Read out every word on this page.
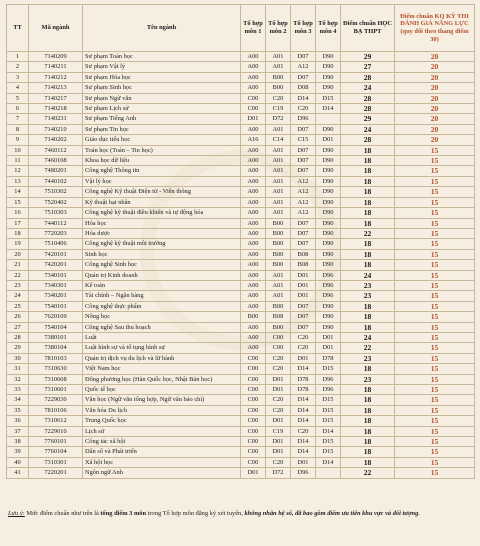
TT	Mã ngành	Tên ngành	Tổ hợp môn 1	Tổ hợp môn 2	Tổ hợp môn 3	Tổ hợp môn 4	Điểm chuẩn HỌC BẠ THPT	Điểm chuẩn KQ KỲ THI ĐÁNH GIÁ NĂNG LỰC (quy đổi theo thang điểm 30)
1	7140209	Sư phạm Toán học	A00	A01	D07	D90	29	20
2	7140211	Sư phạm Vật lý	A00	A01	A12	D90	27	20
3	7140212	Sư phạm Hóa học	A00	B00	D07	D90	28	20
4	7140213	Sư phạm Sinh học	A00	B00	D08	D90	24	20
5	7140217	Sư phạm Ngữ văn	C00	C20	D14	D15	28	20
6	7140218	Sư phạm Lịch sử	C00	C19	C20	D14	28	20
7	7140231	Sư phạm Tiếng Anh	D01	D72	D96		29	20
8	7140210	Sư phạm Tin học	A00	A01	D07	D90	24	20
9	7140202	Giáo dục tiểu học	A16	C14	C15	D01	28	20
10	7460112	Toán học (Toán – Tin học)	A00	A01	D07	D90	18	15
11	7460108	Khoa học dữ liệu	A00	A01	D07	D90	18	15
12	7480201	Công nghệ Thông tin	A00	A01	D07	D90	18	15
13	7440102	Vật lý học	A00	A01	A12	D90	18	15
14	7510302	Công nghệ Kỹ thuật Điện tử - Viễn thông	A00	A01	A12	D90	18	15
15	7520402	Kỹ thuật hạt nhân	A00	A01	A12	D90	18	15
16	7510303	Công nghệ kỹ thuật điều khiển và tự động hóa	A00	A01	A12	D90	18	15
17	7440112	Hóa học	A00	B00	D07	D90	18	15
18	7720203	Hóa dược	A00	B00	D07	D90	22	15
19	7510406	Công nghệ kỹ thuật môi trường	A00	B00	D07	D90	18	15
20	7420101	Sinh học	A00	B00	B08	D90	18	15
21	7420201	Công nghệ Sinh học	A00	B00	B08	D90	18	15
22	7340101	Quản trị Kinh doanh	A00	A01	D01	D96	24	15
23	7340301	Kế toán	A00	A01	D01	D96	23	15
24	7340201	Tài chính – Ngân hàng	A00	A01	D01	D96	23	15
25	7540101	Công nghệ thực phẩm	A00	B00	D07	D90	18	15
26	7620109	Nông học	B00	B08	D07	D90	18	15
27	7540104	Công nghệ Sau thu hoạch	A00	B00	D07	D90	18	15
28	7380101	Luật	A00	C00	C20	D01	24	15
29	7380104	Luật hình sự và tố tụng hình sự	A00	C00	C20	D01	22	15
30	7810103	Quản trị dịch vụ du lịch và lữ hành	C00	C20	D01	D78	23	15
31	7310630	Việt Nam học	C00	C20	D14	D15	18	15
32	7310608	Đông phương học (Hàn Quốc học, Nhật Bản học)	C00	D01	D78	D96	23	15
33	7310601	Quốc tế học	C00	D01	D78	D96	18	15
34	7229030	Văn học (Ngữ văn tổng hợp, Ngữ văn báo chí)	C00	C20	D14	D15	18	15
35	7810106	Văn hóa Du lịch	C00	C20	D14	D15	18	15
36	7310612	Trung Quốc học	C00	D01	D14	D15	18	15
37	7229010	Lịch sử	C00	C19	C20	D14	18	15
38	7760101	Công tác xã hội	C00	D01	D14	D15	18	15
39	7760104	Dân số và Phát triển	C00	D01	D14	D15	18	15
40	7310301	Xã hội học	C00	C20	D01	D14	18	15
41	7220201	Ngôn ngữ Anh	D01	D72	D96		22	15
Lưu ý: Mức điểm chuẩn như trên là tổng điểm 3 môn trong Tổ hợp môn đăng ký xét tuyển, không nhân hệ số, đã bao gồm điểm ưu tiên khu vực và đối tượng.
